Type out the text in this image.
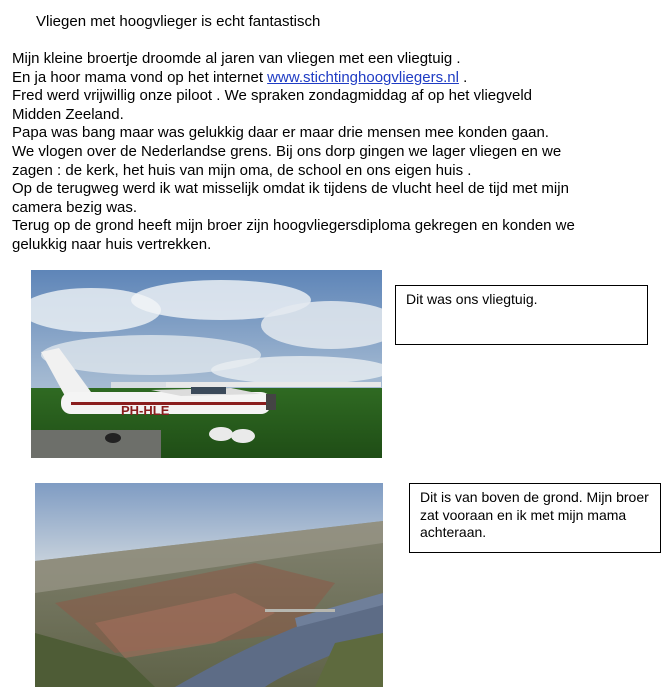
Vliegen met hoogvlieger is echt fantastisch

Mijn kleine broertje droomde al jaren van vliegen met een vliegtuig .

En ja hoor mama vond op het internet www.stichtinghoogvliegers.nl .

Fred werd vrijwillig onze piloot . We spraken zondagmiddag af op het vliegveld

Midden Zeeland.

Papa was bang maar was gelukkig daar er maar drie mensen mee konden gaan.

We vlogen over de Nederlandse grens. Bij ons dorp gingen we lager vliegen en we

zagen : de kerk, het huis van mijn oma, de school en ons eigen huis .

Op de terugweg werd ik wat misselijk omdat ik tijdens de vlucht heel de tijd met mijn

camera bezig was.

Terug op de grond heeft mijn broer zijn hoogvliegersdiploma gekregen en konden we

gelukkig naar huis vertrekken.

PH-HLE
Dit was ons vliegtuig.
Dit is van boven de grond. Mijn broer zat vooraan en ik met mijn mama achteraan.
